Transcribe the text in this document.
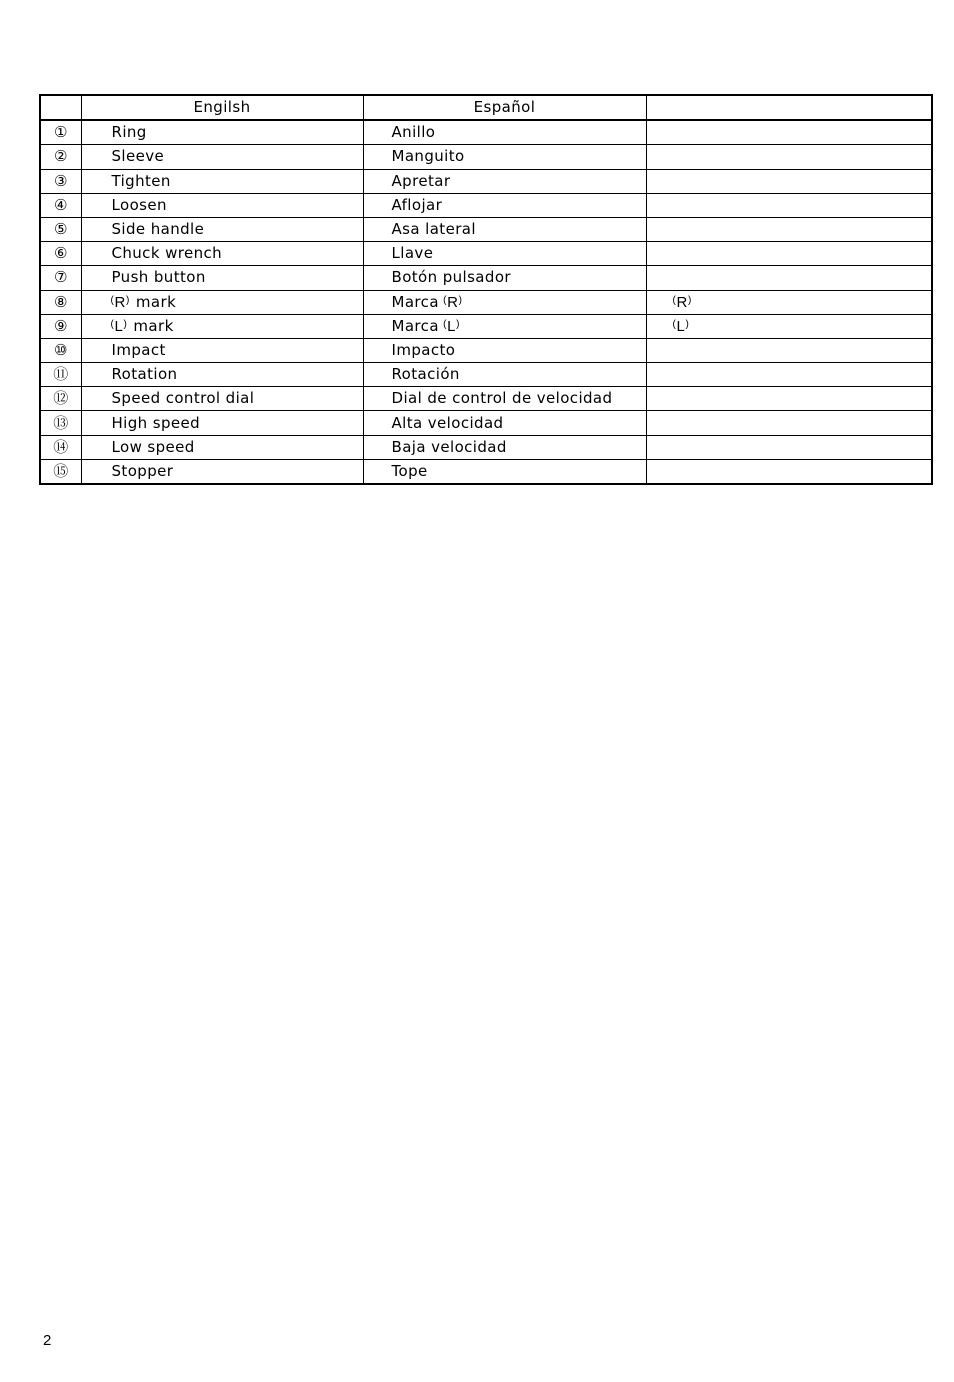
	Engilsh	Español	
①	Ring	Anillo	
②	Sleeve	Manguito	
③	Tighten	Apretar	
④	Loosen	Aflojar	
⑤	Side handle	Asa lateral	
⑥	Chuck wrench	Llave	
⑦	Push button	Botón pulsador	
⑧	( R ) mark	Marca ( R )	( R )
⑨	( L ) mark	Marca ( L )	( L )
⑩	Impact	Impacto	
⑪	Rotation	Rotación	
⑫	Speed control dial	Dial de control de velocidad	
⑬	High speed	Alta velocidad	
⑭	Low speed	Baja velocidad	
⑮	Stopper	Tope	
2
